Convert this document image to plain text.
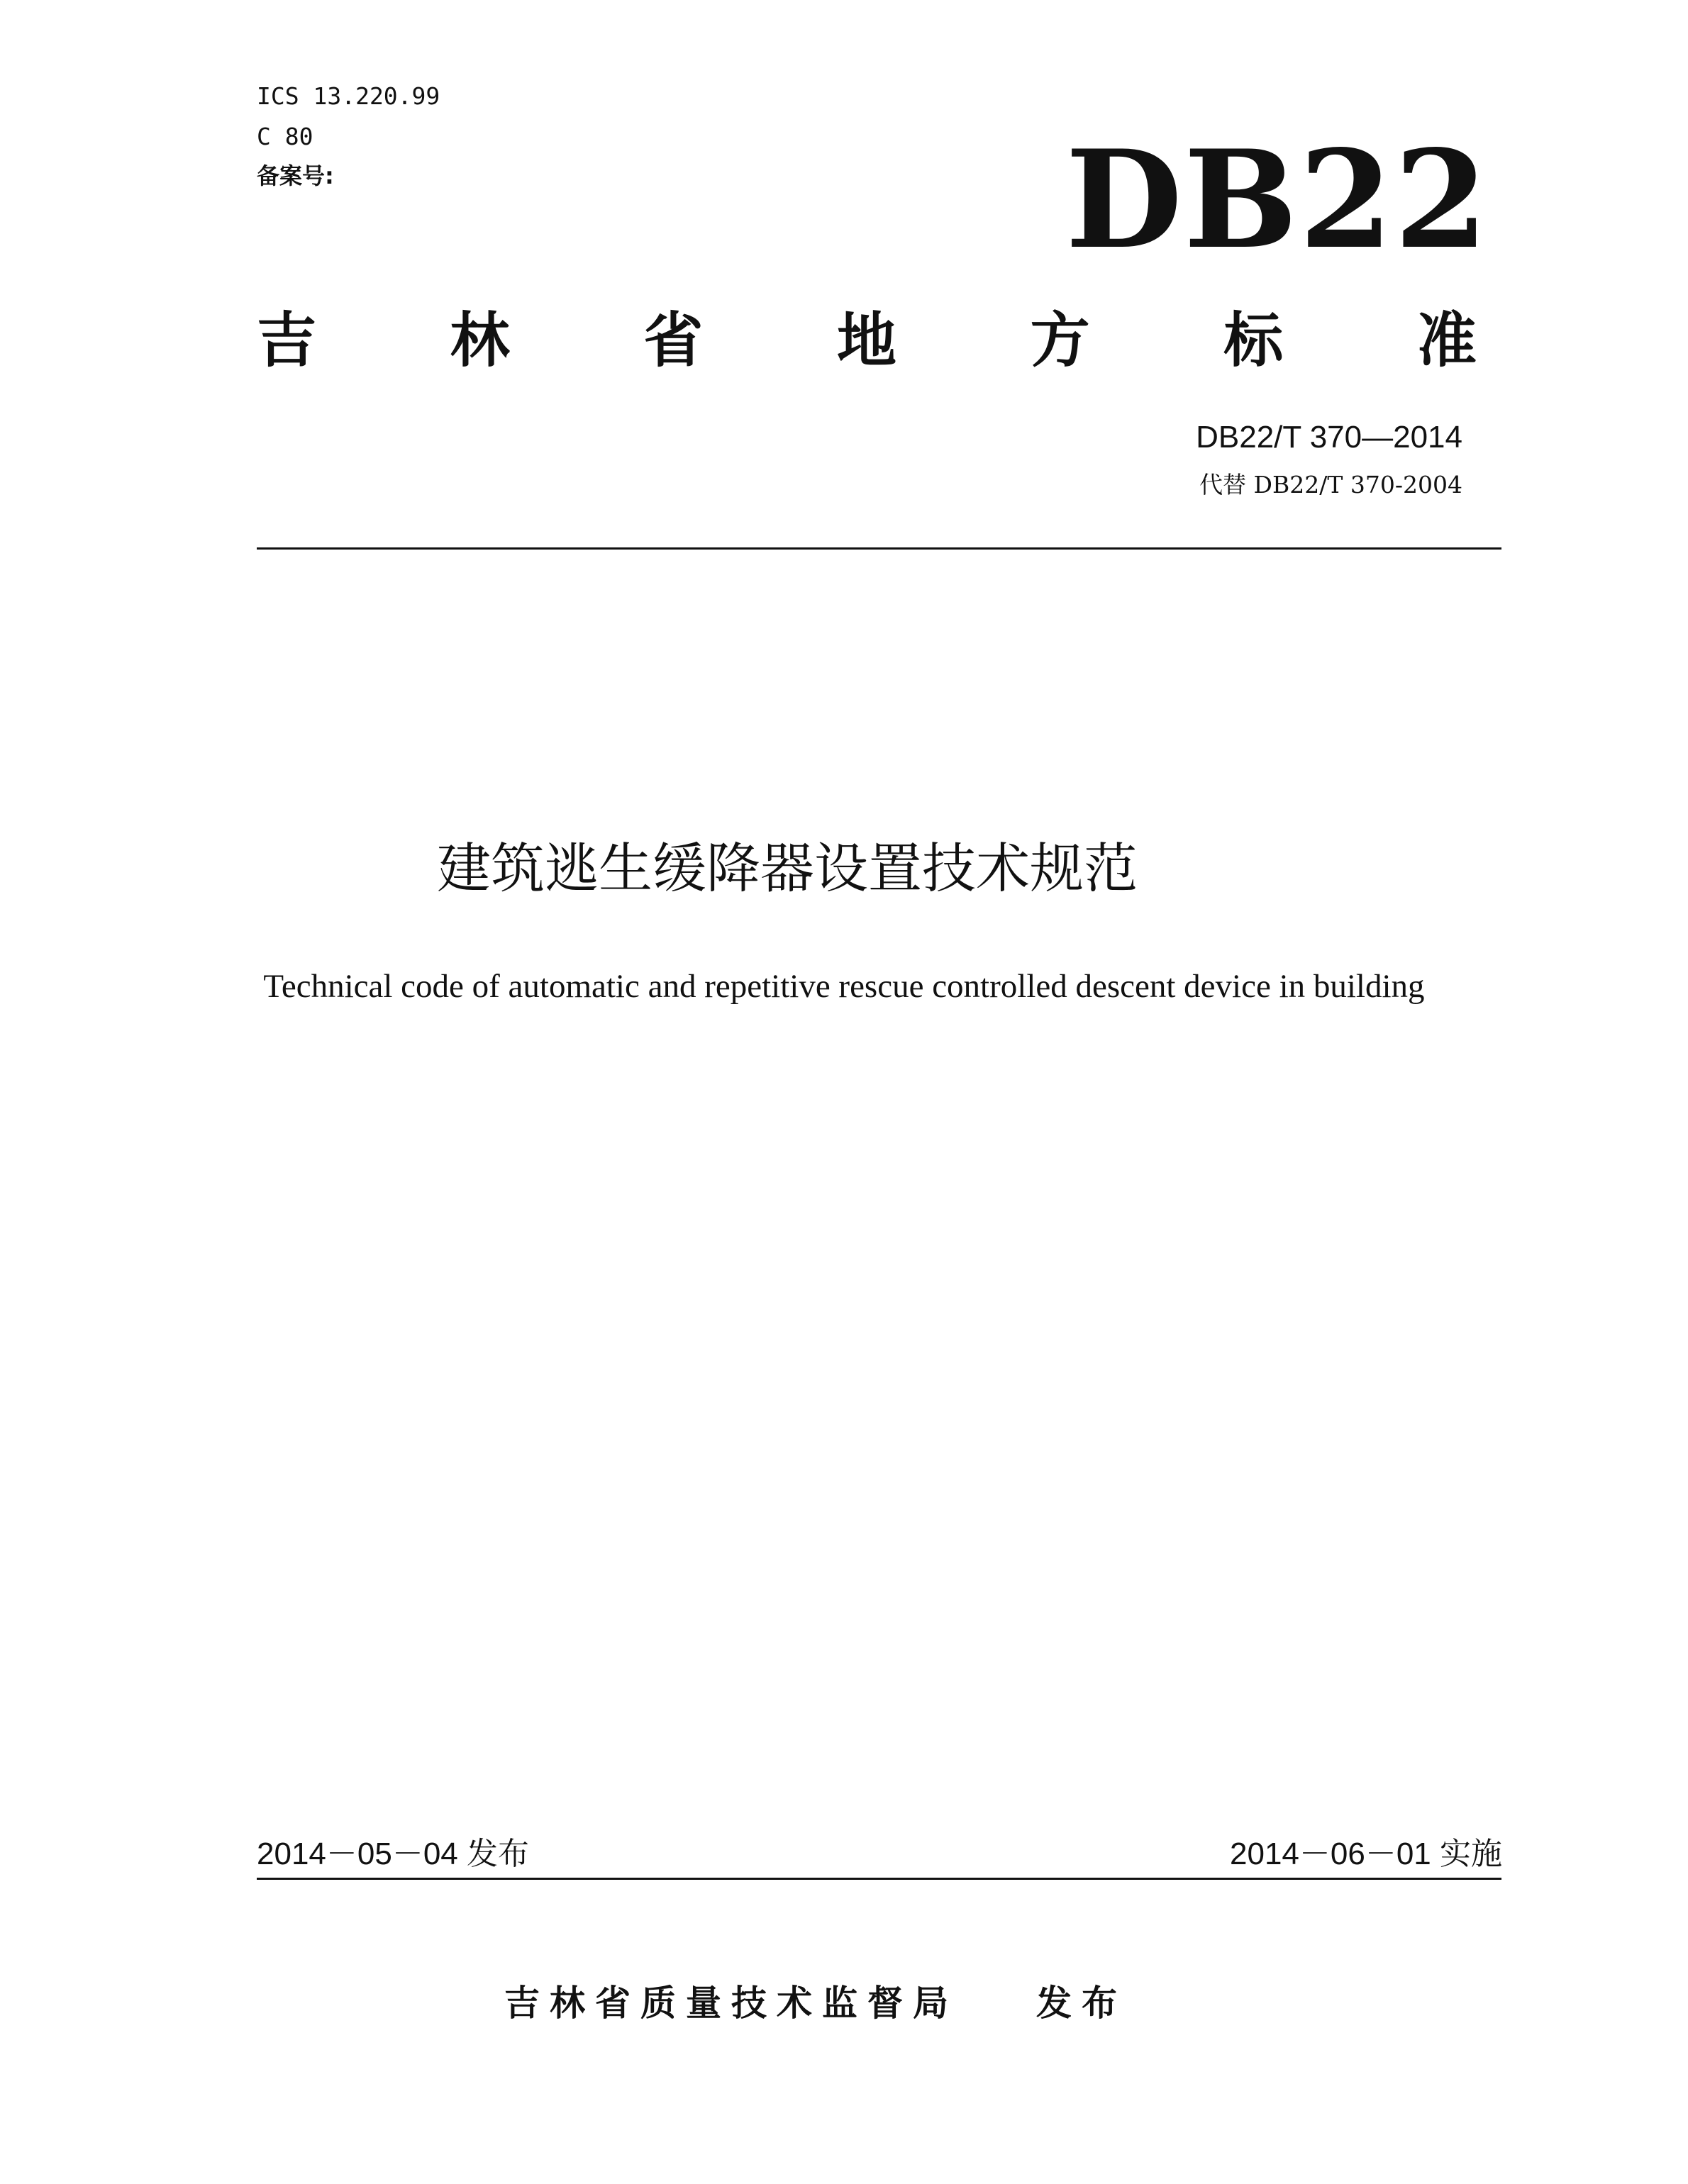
ICS 13.220.99
C 80
备案号:	DB22
吉 林 省 地 方 标 准
DB22/T 370—2014
代替 DB22/T 370-2004
建筑逃生缓降器设置技术规范
Technical code of automatic and repetitive rescue controlled descent device in building
2014－05－04 发布	2014－06－01 实施
吉林省质量技术监督局 发布
